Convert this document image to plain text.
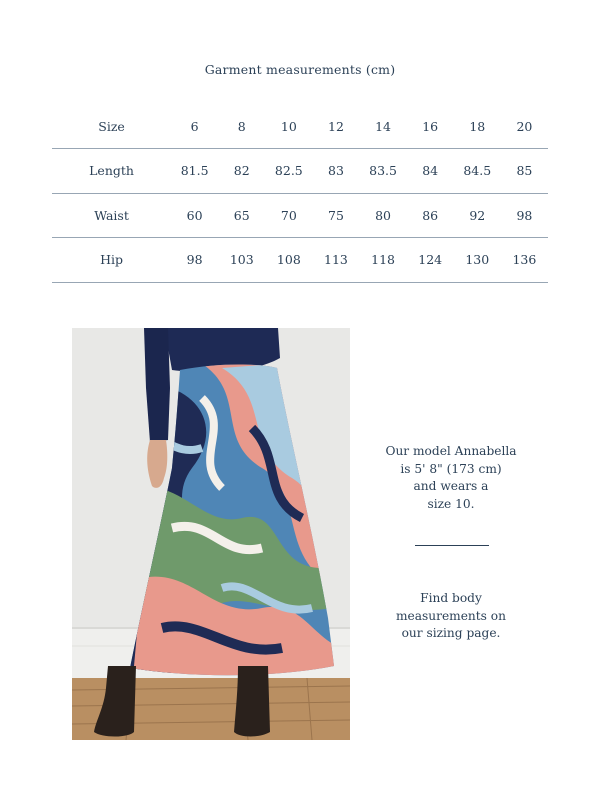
Garment measurements (cm)
Size	6	8	10	12	14	16	18	20
Length	81.5	82	82.5	83	83.5	84	84.5	85
Waist	60	65	70	75	80	86	92	98
Hip	98	103	108	113	118	124	130	136
Our model Annabella
is 5' 8" (173 cm)
and wears a
size 10.
Find body
measurements on
our sizing page.
